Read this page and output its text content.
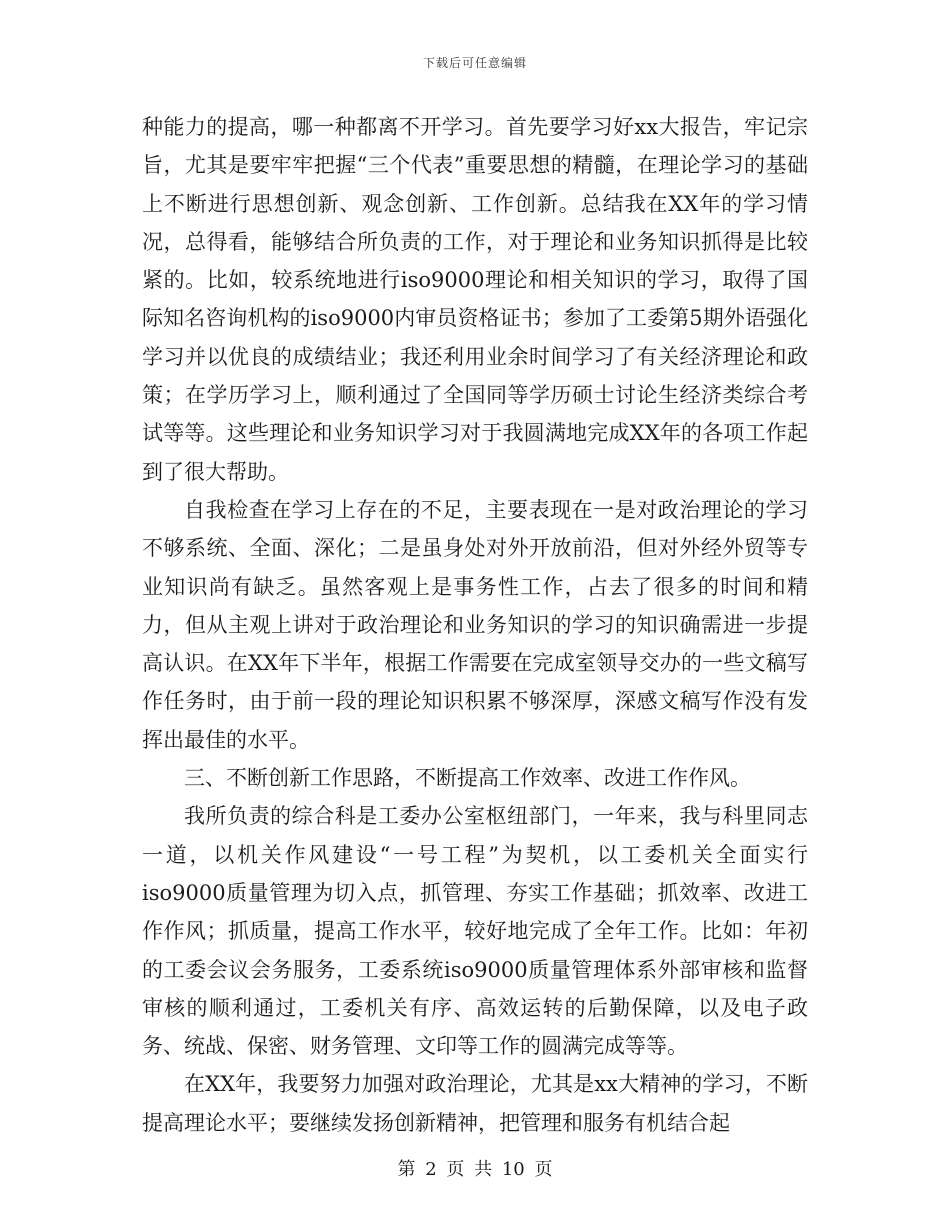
下载后可任意编辑

种能力的提高，哪一种都离不开学习。首先要学习好xx大报告，牢记宗旨，尤其是要牢牢把握“三个代表”重要思想的精髓，在理论学习的基础上不断进行思想创新、观念创新、工作创新。总结我在XX年的学习情况，总得看，能够结合所负责的工作，对于理论和业务知识抓得是比较紧的。比如，较系统地进行iso9000理论和相关知识的学习，取得了国际知名咨询机构的iso9000内审员资格证书；参加了工委第5期外语强化学习并以优良的成绩结业；我还利用业余时间学习了有关经济理论和政策；在学历学习上，顺利通过了全国同等学历硕士讨论生经济类综合考试等等。这些理论和业务知识学习对于我圆满地完成XX年的各项工作起到了很大帮助。

自我检查在学习上存在的不足，主要表现在一是对政治理论的学习不够系统、全面、深化；二是虽身处对外开放前沿，但对外经外贸等专业知识尚有缺乏。虽然客观上是事务性工作，占去了很多的时间和精力，但从主观上讲对于政治理论和业务知识的学习的知识确需进一步提高认识。在XX年下半年，根据工作需要在完成室领导交办的一些文稿写作任务时，由于前一段的理论知识积累不够深厚，深感文稿写作没有发挥出最佳的水平。

三、不断创新工作思路，不断提高工作效率、改进工作作风。

我所负责的综合科是工委办公室枢纽部门，一年来，我与科里同志一道，以机关作风建设“一号工程”为契机，以工委机关全面实行iso9000质量管理为切入点，抓管理、夯实工作基础；抓效率、改进工作作风；抓质量，提高工作水平，较好地完成了全年工作。比如：年初的工委会议会务服务，工委系统iso9000质量管理体系外部审核和监督审核的顺利通过，工委机关有序、高效运转的后勤保障，以及电子政务、统战、保密、财务管理、文印等工作的圆满完成等等。

在XX年，我要努力加强对政治理论，尤其是xx大精神的学习，不断提高理论水平；要继续发扬创新精神，把管理和服务有机结合起

第 2 页 共 10 页
